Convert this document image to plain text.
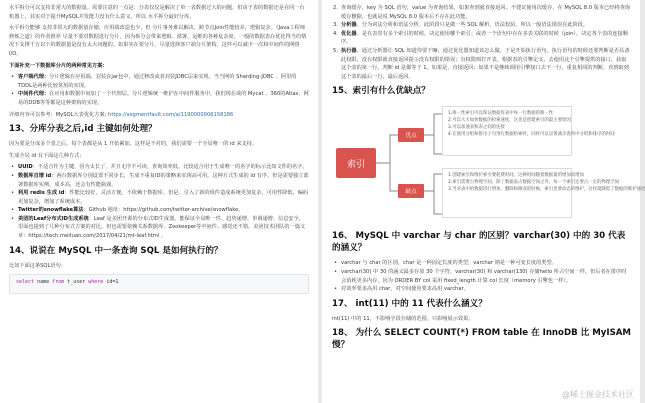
水平拆分可以支持非常大的数据量。需要注意的一点是：分表仅仅是解决了单一表数据过大的问题，但由于表的数据还是在同一台机器上，其实对于提升MySQL并发能力没有什么意义，所以 水平拆分最好分库。

水平拆分能够 支持非常大的数据量存储，应用端改造也少，但 分片事务难以解决，跨节点Join性能较差，逻辑复杂。《Java工程师修炼之道》的作者推荐 尽量不要对数据进行分片，因为拆分会带来逻辑、部署、运维的各种复杂度，一般的数据表在优化得当的情况下支撑千万以下的数据量是没有太大问题的。如果实在要分片，尽量选择客户端分片架构，这样可以减少一次和中间件的网络I/O。

下面补充一下数据库分片的两种常见方案：

• 客户端代理：分片逻辑在应用端，封装在jar包中，通过修改或者封装JDBC层来实现。当当网的 Sharding-JDBC 、阿里的TDDL是两种比较常用的实现。
• 中间件代理：在应用和数据中间加了一个代理层。分片逻辑统一维护在中间件服务中。我们现在谈的 Mycat 、360的Atlas、网易的DDB等等都是这种架构的实现。

详细内容可以参考：MySQL大表优化方案: https://segmentfault.com/a/1190000006158186

13、分库分表之后,id 主键如何处理？

因为要是分成多个表之后，每个表都是从 1 开始累加，这样是不对的，我们需要一个全局唯一的 id 来支持。

生成全局 id 有下面这几种方式：

• UUID：不适合作为主键，因为太长了，并且无序不可读，查询效率低。比较适合用于生成唯一的名字的标示比如文件的名字。
• 数据库自增 id：两台数据库分别设置不同步长，生成不重复ID的策略来实现高可用。这种方式生成的 id 有序，但是需要独立部署数据库实例，成本高，还会有性能瓶颈。
• 利用 redis 生成 id：性能比较好，灵活方便，不依赖于数据库。但是，引入了新的组件造成系统更加复杂，可用性降低，编码更加复杂，增加了系统成本。
• Twitter的snowflake算法：Github 地址：https://github.com/twitter-archive/snowflake。
• 美团的Leaf分布式ID生成系统：Leaf 是美团开源的分布式ID生成器，能保证全局唯一性、趋势递增、单调递增、信息安全，里面也提到了几种分布式方案的对比，但也需要依赖关系数据库、Zookeeper等中间件。感觉还不错。美团技术团队的一篇文章：https://tech.meituan.com/2017/04/21/mt-leaf.html 。
14、说说在 MySQL 中一条查询 SQL 是如何执行的？

比如下面这条SQL语句：

select name from t_user where id=1
2. 查询缓存，key 为 SQL 语句，value 为查询结果，如果查到就直接返回。不建议使用次缓存，在 MySQL 8.0 版本已经将查询缓存删除，也就是说 MySQL 8.0 版本后不存在此功能。
3. 分析器，分为词法分析和语法分析。此阶段只是做一些 SQL 解析，语法校验。所以一般语法错误在此阶段。
4. 优化器，是在表里有多个索引的时候，决定使用哪个索引；或者一个语句中存在多表关联的时候（join），决定各个表的连接顺序。
5. 执行器，通过分析器让 SQL 知道你要干嘛，通过优化器知道该怎么做，于是开始执行语句。执行语句的时候还要判断是否具备此权限，没有权限就直接返回提示没有权限的错误；有权限则打开表，根据表的引擎定义，去使用这个引擎提供的接口，获取这个表的第一行，判断 id 是都等于 1。如果是，直接返回；如果不是继续调用引擎接口去下一行，重复相同的判断，直到取到这个表的最后一行，最后返回。
15、索引有什么优缺点？
索引
优点
缺点
1.唯一性索引可以保证数据库表中每一行数据的唯一性
2.可以大大加快数据的检索速度，这也是创建索引的最主要原因
3.可以加速表和表之间的连接
4.在使用分组和排序子句进行数据检索时，同样可以显著减少查询中分组和排序的时间
1.创建索引和维护索引要耗费时间，这种时间随着数据量的增加而增加
2.索引需要占物理空间，除了数据表占数据空间之外，每一个索引还要占一定的物理空间
3.当对表中的数据进行增加、删除和修改的时候，索引也要动态的维护，这样就降低了数据的维护速度
16、 MySQL 中 varchar 与 char 的区别？varchar(30) 中的 30 代表的涵义？
• varchar 与 char 的区别，char 是一种固定长度的类型，varchar 则是一种可变长度的类型。
• varchar(30) 中 30 的涵义最多存放 30 个字符。varchar(30) 和 varchar(130) 存储hello 所占空间一样，但后者在排序时会消耗更多内存，因为 ORDER BY col 采用 fixed_length 计算 col 长度（memory 引擎也一样）。
• 对效率要求高用 char，对空间使用要求高用 varchar。
17、 int(11) 中的 11 代表什么涵义？

int(11) 中的 11，不影响字段存储的范围，只影响展示效果。

18、 为什么 SELECT COUNT(*) FROM table 在 InnoDB 比 MyISAM 慢？
@稀土掘金技术社区
